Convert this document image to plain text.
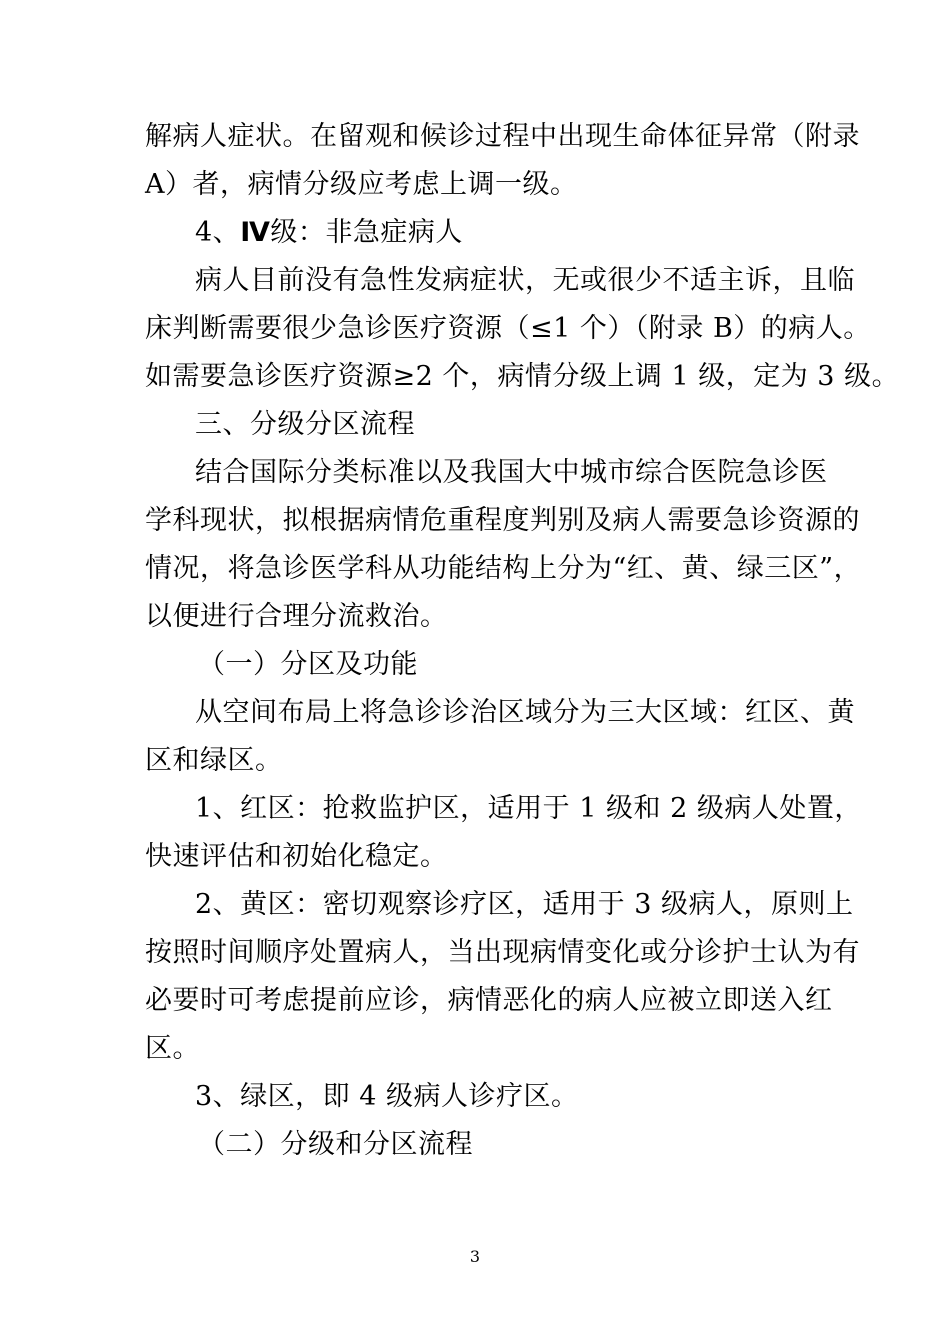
解病人症状。在留观和候诊过程中出现生命体征异常（附录
A）者，病情分级应考虑上调一级。
4、Ⅳ级：非急症病人
病人目前没有急性发病症状，无或很少不适主诉，且临
床判断需要很少急诊医疗资源（≤1 个）（附录 B）的病人。
如需要急诊医疗资源≥2 个，病情分级上调 1 级，定为 3 级。
三、分级分区流程
结合国际分类标准以及我国大中城市综合医院急诊医
学科现状，拟根据病情危重程度判别及病人需要急诊资源的
情况，将急诊医学科从功能结构上分为“红、黄、绿三区”，
以便进行合理分流救治。
（一）分区及功能
从空间布局上将急诊诊治区域分为三大区域：红区、黄
区和绿区。
1、红区：抢救监护区，适用于 1 级和 2 级病人处置，
快速评估和初始化稳定。
2、黄区：密切观察诊疗区，适用于 3 级病人，原则上
按照时间顺序处置病人，当出现病情变化或分诊护士认为有
必要时可考虑提前应诊，病情恶化的病人应被立即送入红
区。
3、绿区，即 4 级病人诊疗区。
（二）分级和分区流程
3
